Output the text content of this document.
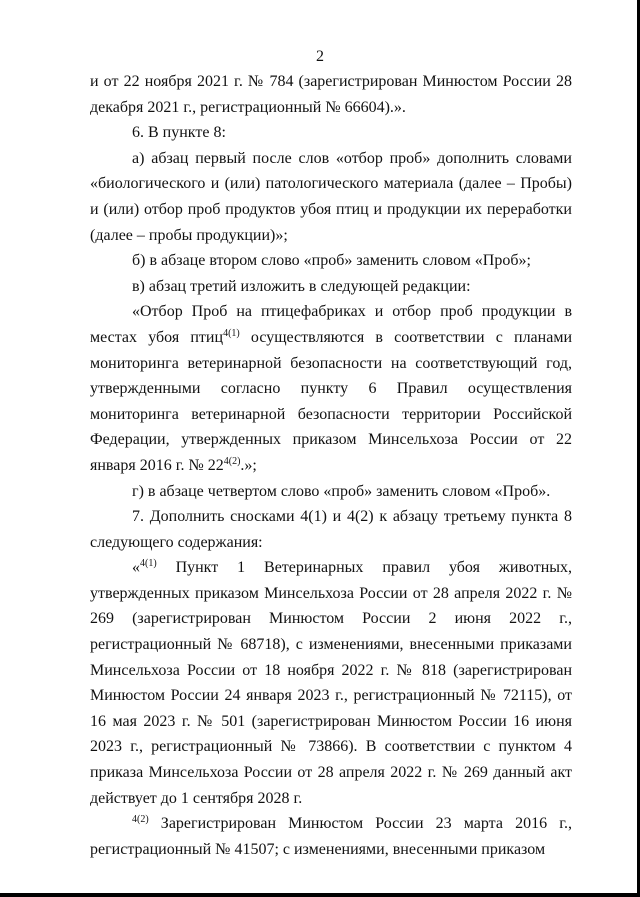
2

и от 22 ноября 2021 г. № 784 (зарегистрирован Минюстом России 28 декабря 2021 г., регистрационный № 66604).».

6. В пункте 8:

а) абзац первый после слов «отбор проб» дополнить словами «биологического и (или) патологического материала (далее – Пробы) и (или) отбор проб продуктов убоя птиц и продукции их переработки (далее – пробы продукции)»;

б) в абзаце втором слово «проб» заменить словом «Проб»;

в) абзац третий изложить в следующей редакции:

«Отбор Проб на птицефабриках и отбор проб продукции в местах убоя птиц$^{4(1)}$ осуществляются в соответствии с планами мониторинга ветеринарной безопасности на соответствующий год, утвержденными согласно пункту 6 Правил осуществления мониторинга ветеринарной безопасности территории Российской Федерации, утвержденных приказом Минсельхоза России от 22 января 2016 г. № $22^{4(2)}$.»;

г) в абзаце четвертом слово «проб» заменить словом «Проб».

7. Дополнить сносками 4(1) и 4(2) к абзацу третьему пункта 8 следующего содержания:

«$^{4(1)}$ Пункт 1 Ветеринарных правил убоя животных, утвержденных приказом Минсельхоза России от 28 апреля 2022 г. № 269 (зарегистрирован Минюстом России 2 июня 2022 г., регистрационный № 68718), с изменениями, внесенными приказами Минсельхоза России от 18 ноября 2022 г. № 818 (зарегистрирован Минюстом России 24 января 2023 г., регистрационный № 72115), от 16 мая 2023 г. № 501 (зарегистрирован Минюстом России 16 июня 2023 г., регистрационный № 73866). В соответствии с пунктом 4 приказа Минсельхоза России от 28 апреля 2022 г. № 269 данный акт действует до 1 сентября 2028 г.

$^{4(2)}$ Зарегистрирован Минюстом России 23 марта 2016 г., регистрационный № 41507; с изменениями, внесенными приказом
